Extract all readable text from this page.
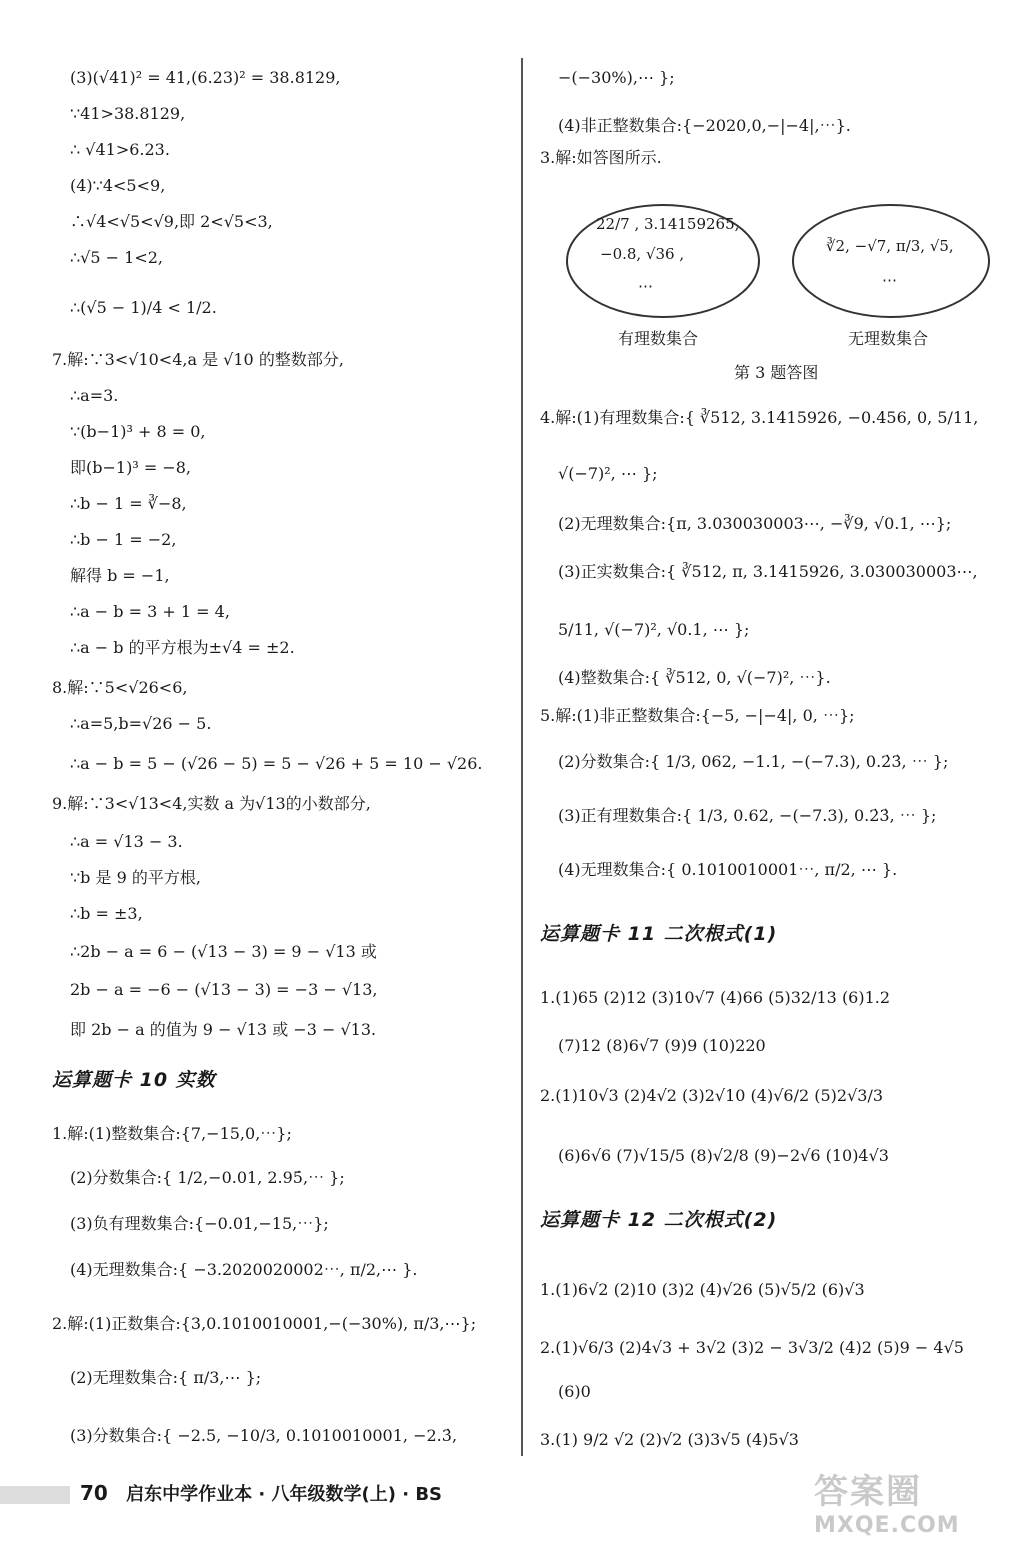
(3)(√41)² = 41,(6.23)² = 38.8129,
∵41>38.8129,
∴ √41>6.23.
(4)∵4<5<9,
∴√4<√5<√9,即 2<√5<3,
∴√5 − 1<2,
∴(√5 − 1)/4 < 1/2.
7.解:∵3<√10<4,a 是 √10 的整数部分,
∴a=3.
∵(b−1)³ + 8 = 0,
即(b−1)³ = −8,
∴b − 1 = ∛−8,
∴b − 1 = −2,
解得 b = −1,
∴a − b = 3 + 1 = 4,
∴a − b 的平方根为±√4 = ±2.
8.解:∵5<√26<6,
∴a=5,b=√26 − 5.
∴a − b = 5 − (√26 − 5) = 5 − √26 + 5 = 10 − √26.
9.解:∵3<√13<4,实数 a 为√13的小数部分,
∴a = √13 − 3.
∵b 是 9 的平方根,
∴b = ±3,
∴2b − a = 6 − (√13 − 3) = 9 − √13 或
2b − a = −6 − (√13 − 3) = −3 − √13,
即 2b − a 的值为 9 − √13 或 −3 − √13.
运算题卡 10 实数
1.解:(1)整数集合:{7,−15,0,⋯};
(2)分数集合:{ 1/2,−0.01, 2.95̇,⋯ };
(3)负有理数集合:{−0.01,−15,⋯};
(4)无理数集合:{ −3.2020020002⋯, π/2,⋯ }.
2.解:(1)正数集合:{3,0.1010010001,−(−30%), π/3,⋯};
(2)无理数集合:{ π/3,⋯ };
(3)分数集合:{ −2.5, −10/3, 0.1010010001, −2.3̇,
−(−30%),⋯ };
(4)非正整数集合:{−2020,0,−|−4|,⋯}.
3.解:如答图所示.
4.解:(1)有理数集合:{ ∛512, 3.1415926, −0.456, 0, 5/11,
√(−7)², ⋯ };
(2)无理数集合:{π, 3.030030003⋯, −∛9, √0.1, ⋯};
(3)正实数集合:{ ∛512, π, 3.1415926, 3.030030003⋯,
5/11, √(−7)², √0.1, ⋯ };
(4)整数集合:{ ∛512, 0, √(−7)², ⋯}.
5.解:(1)非正整数集合:{−5, −|−4|, 0, ⋯};
(2)分数集合:{ 1/3, 062, −1.1, −(−7.3), 0.2̇3̇, ⋯ };
(3)正有理数集合:{ 1/3, 0.62, −(−7.3), 0.2̇3̇, ⋯ };
(4)无理数集合:{ 0.1010010001⋯, π/2, ⋯ }.
运算题卡 11 二次根式(1)
1.(1)65 (2)12 (3)10√7 (4)66 (5)32/13 (6)1.2
(7)12 (8)6√7 (9)9 (10)220
2.(1)10√3 (2)4√2 (3)2√10 (4)√6/2 (5)2√3/3
(6)6√6 (7)√15/5 (8)√2/8 (9)−2√6 (10)4√3
运算题卡 12 二次根式(2)
1.(1)6√2 (2)10 (3)2 (4)√26 (5)√5/2 (6)√3
2.(1)√6/3 (2)4√3 + 3√2 (3)2 − 3√3/2 (4)2 (5)9 − 4√5
(6)0
3.(1) 9/2 √2 (2)√2 (3)3√5 (4)5√3
22/7 , 3.14159265,
−0.8, √36 ,
⋯
有理数集合
∛2, −√7, π/3, √5,
⋯
无理数集合
第 3 题答图
70 启东中学作业本 · 八年级数学(上) · BS	答案圈
MXQE.COM
